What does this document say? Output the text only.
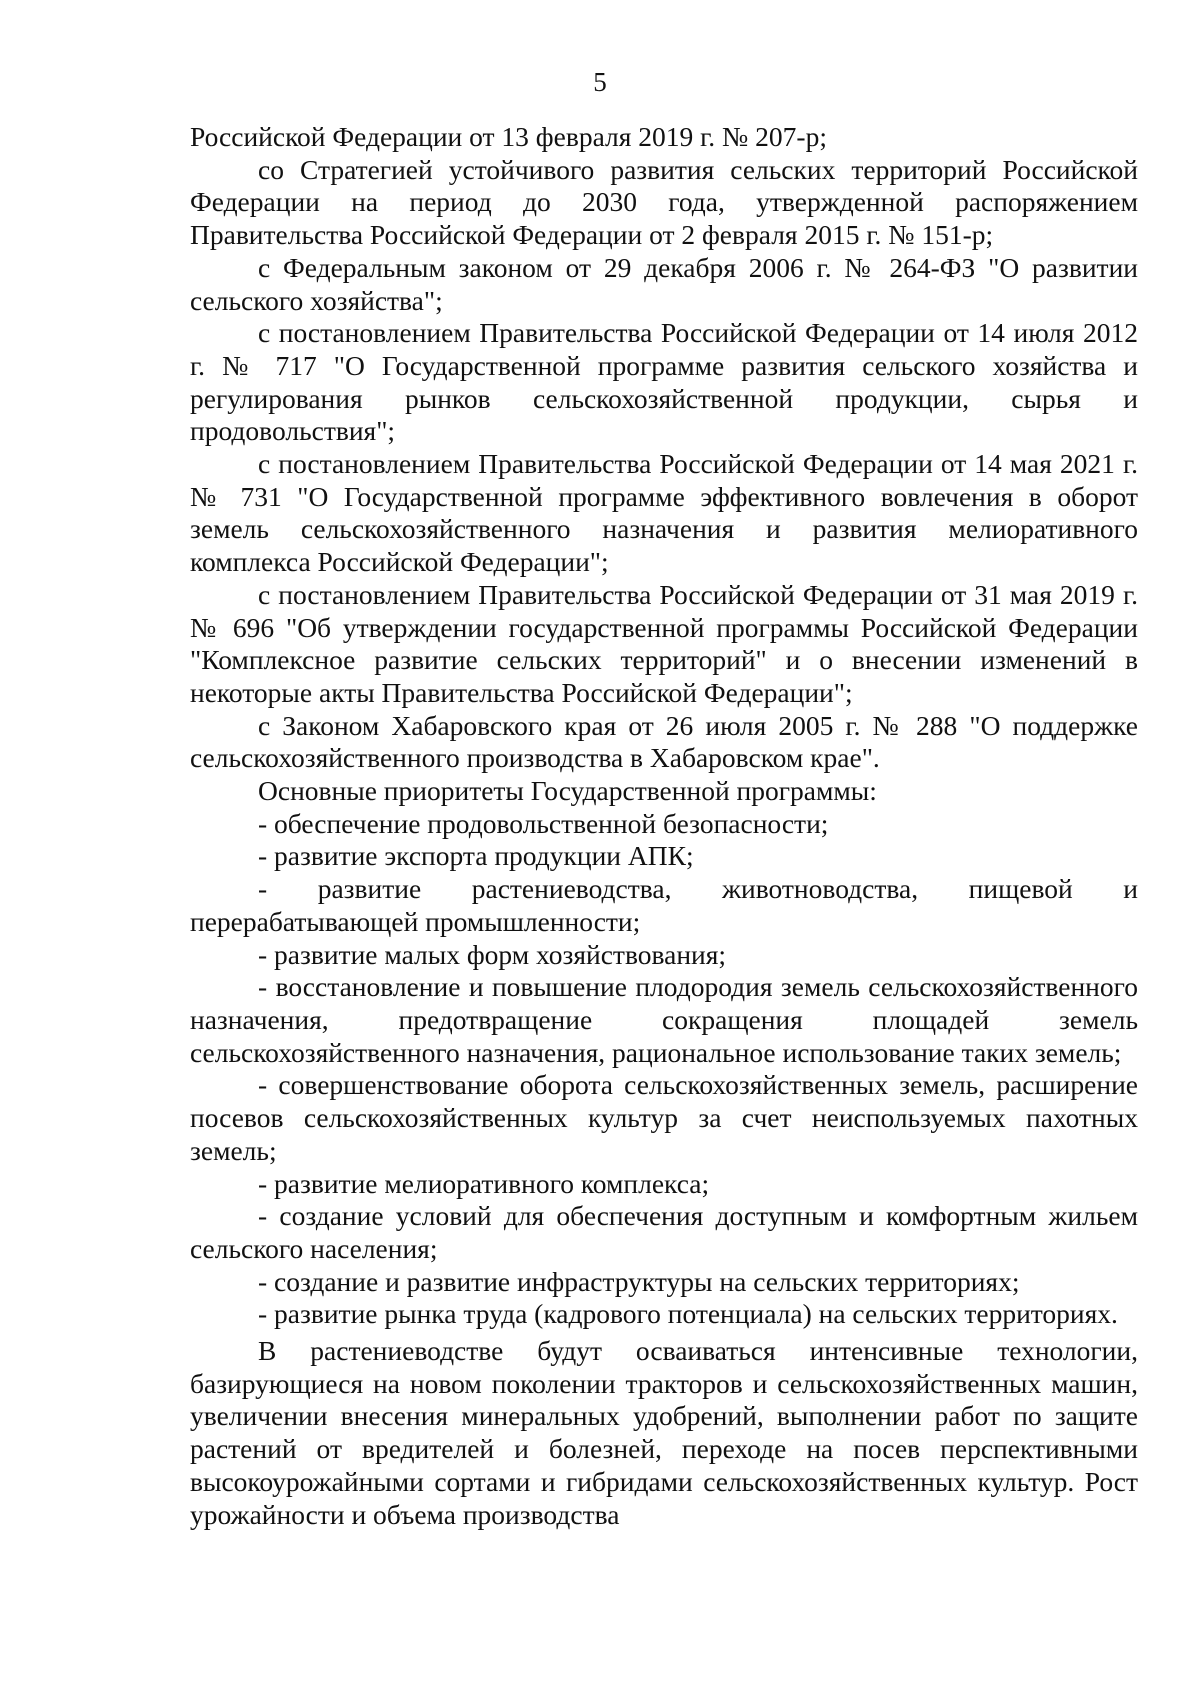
5

Российской Федерации от 13 февраля 2019 г. № 207-р;

со Стратегией устойчивого развития сельских территорий Российской Федерации на период до 2030 года, утвержденной распоряжением Правительства Российской Федерации от 2 февраля 2015 г. № 151-р;

с Федеральным законом от 29 декабря 2006 г. № 264-ФЗ "О развитии сельского хозяйства";

с постановлением Правительства Российской Федерации от 14 июля 2012 г. № 717 "О Государственной программе развития сельского хозяйства и регулирования рынков сельскохозяйственной продукции, сырья и продовольствия";

с постановлением Правительства Российской Федерации от 14 мая 2021 г. № 731 "О Государственной программе эффективного вовлечения в оборот земель сельскохозяйственного назначения и развития мелиоративного комплекса Российской Федерации";

с постановлением Правительства Российской Федерации от 31 мая 2019 г. № 696 "Об утверждении государственной программы Российской Федерации "Комплексное развитие сельских территорий" и о внесении изменений в некоторые акты Правительства Российской Федерации";

с Законом Хабаровского края от 26 июля 2005 г. № 288 "О поддержке сельскохозяйственного производства в Хабаровском крае".

Основные приоритеты Государственной программы:

- обеспечение продовольственной безопасности;

- развитие экспорта продукции АПК;

- развитие растениеводства, животноводства, пищевой и перерабатывающей промышленности;

- развитие малых форм хозяйствования;

- восстановление и повышение плодородия земель сельскохозяйственного назначения, предотвращение сокращения площадей земель сельскохозяйственного назначения, рациональное использование таких земель;

- совершенствование оборота сельскохозяйственных земель, расширение посевов сельскохозяйственных культур за счет неиспользуемых пахотных земель;

- развитие мелиоративного комплекса;

- создание условий для обеспечения доступным и комфортным жильем сельского населения;

- создание и развитие инфраструктуры на сельских территориях;

- развитие рынка труда (кадрового потенциала) на сельских территориях.

В растениеводстве будут осваиваться интенсивные технологии, базирующиеся на новом поколении тракторов и сельскохозяйственных машин, увеличении внесения минеральных удобрений, выполнении работ по защите растений от вредителей и болезней, переходе на посев перспективными высокоурожайными сортами и гибридами сельскохозяйственных культур. Рост урожайности и объема производства
